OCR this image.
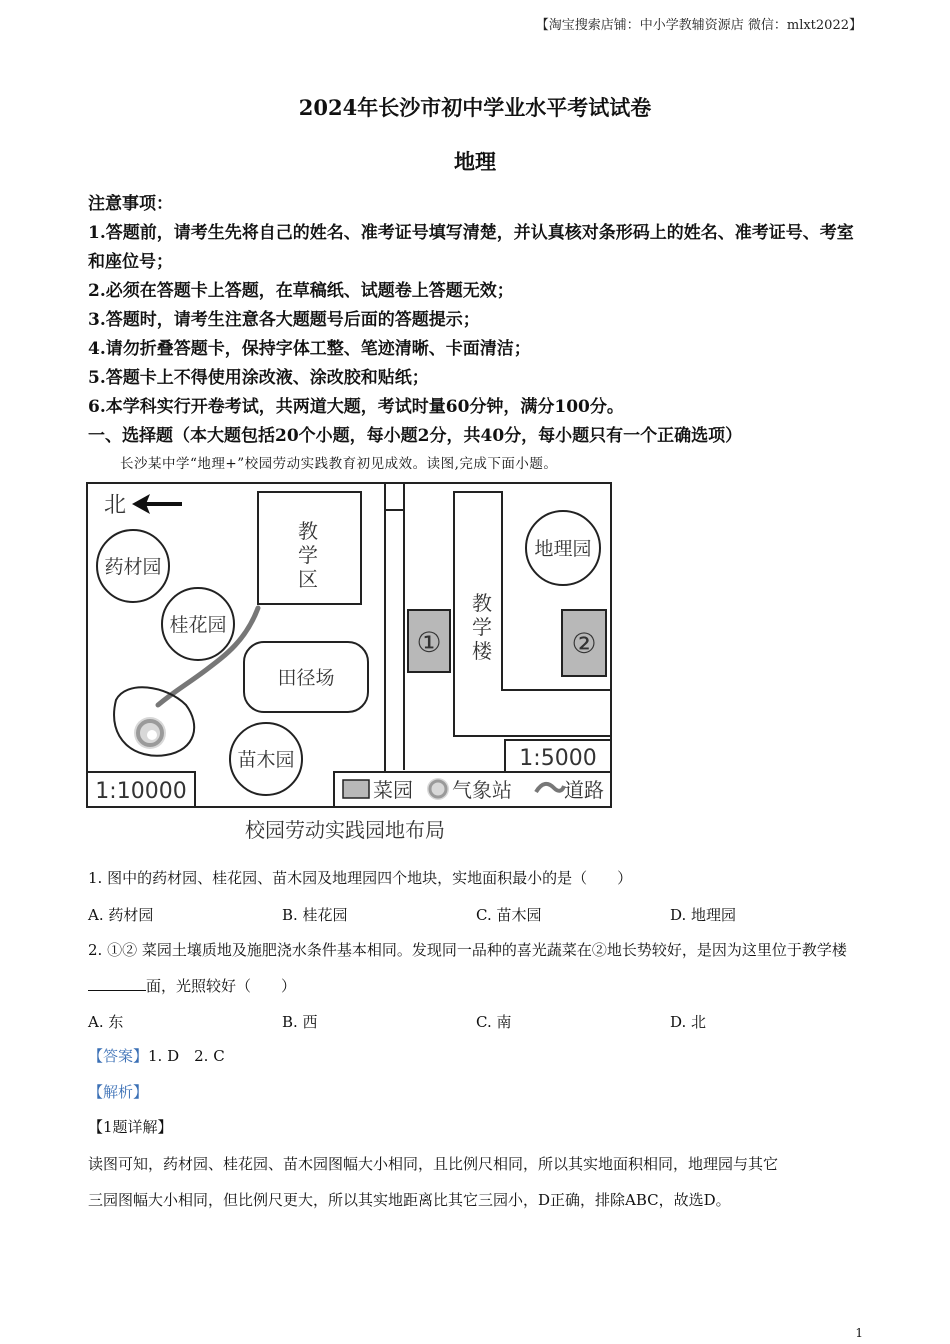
【淘宝搜索店铺：中小学教辅资源店 微信：mlxt2022】
2024年长沙市初中学业水平考试试卷
地理

注意事项：

1.答题前，请考生先将自己的姓名、准考证号填写清楚，并认真核对条形码上的姓名、准考证号、考室和座位号；

2.必须在答题卡上答题，在草稿纸、试题卷上答题无效；

3.答题时，请考生注意各大题题号后面的答题提示；

4.请勿折叠答题卡，保持字体工整、笔迹清晰、卡面清洁；

5.答题卡上不得使用涂改液、涂改胶和贴纸；

6.本学科实行开卷考试，共两道大题，考试时量60分钟，满分100分。

一、选择题（本大题包括20个小题，每小题2分，共40分，每小题只有一个正确选项）
长沙某中学“地理+”校园劳动实践教育初见成效。读图,完成下面小题。
北
教
学
区
药材园
桂花园
田径场
苗木园
1:10000
①
教
学
楼
地理园
②
1:5000
菜园 气象站	道路
校园劳动实践园地布局
1. 图中的药材园、桂花园、苗木园及地理园四个地块，实地面积最小的是（　　）
A. 药材园	B. 桂花园	C. 苗木园	D. 地理园
2. ①② 菜园土壤质地及施肥浇水条件基本相同。发现同一品种的喜光蔬菜在②地长势较好，是因为这里位于教学楼面，光照较好（　　）
A. 东	B. 西	C. 南	D. 北
【答案】1. D　2. C
【解析】
【1题详解】

读图可知，药材园、桂花园、苗木园图幅大小相同，且比例尺相同，所以其实地面积相同，地理园与其它

三园图幅大小相同，但比例尺更大，所以其实地距离比其它三园小，D正确，排除ABC，故选D。

1
